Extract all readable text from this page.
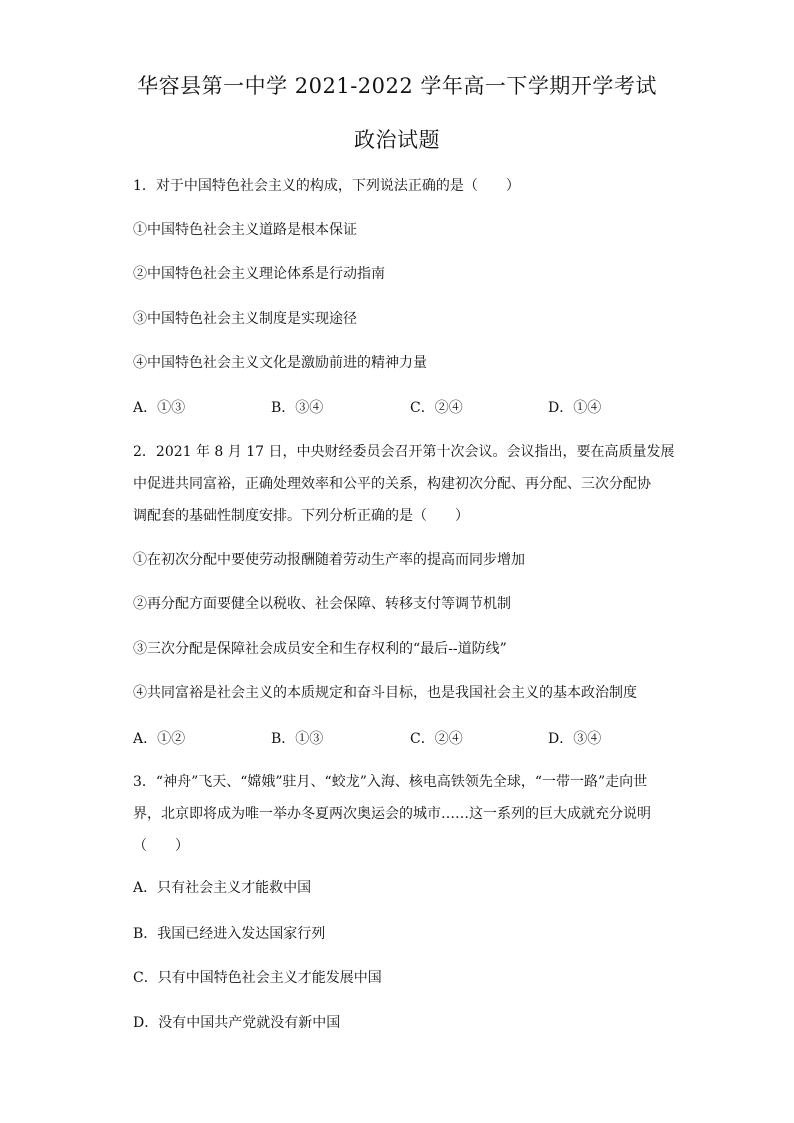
华容县第一中学 2021-2022 学年高一下学期开学考试
政治试题
1．对于中国特色社会主义的构成，下列说法正确的是（　　）
①中国特色社会主义道路是根本保证
②中国特色社会主义理论体系是行动指南
③中国特色社会主义制度是实现途径
④中国特色社会主义文化是激励前进的精神力量
A．①③	B．③④	C．②④	D．①④
2．2021 年 8 月 17 日，中央财经委员会召开第十次会议。会议指出，要在高质量发展
中促进共同富裕，正确处理效率和公平的关系，构建初次分配、再分配、三次分配协
调配套的基础性制度安排。下列分析正确的是（　　）
①在初次分配中要使劳动报酬随着劳动生产率的提高而同步增加
②再分配方面要健全以税收、社会保障、转移支付等调节机制
③三次分配是保障社会成员安全和生存权利的“最后--道防线”
④共同富裕是社会主义的本质规定和奋斗目标，也是我国社会主义的基本政治制度
A．①②	B．①③	C．②④	D．③④
3．“神舟”飞天、“嫦娥”驻月、“蛟龙”入海、核电高铁领先全球，“一带一路”走向世
界，北京即将成为唯一举办冬夏两次奥运会的城市……这一系列的巨大成就充分说明
（　　）
A．只有社会主义才能救中国
B．我国已经进入发达国家行列
C．只有中国特色社会主义才能发展中国
D．没有中国共产党就没有新中国
